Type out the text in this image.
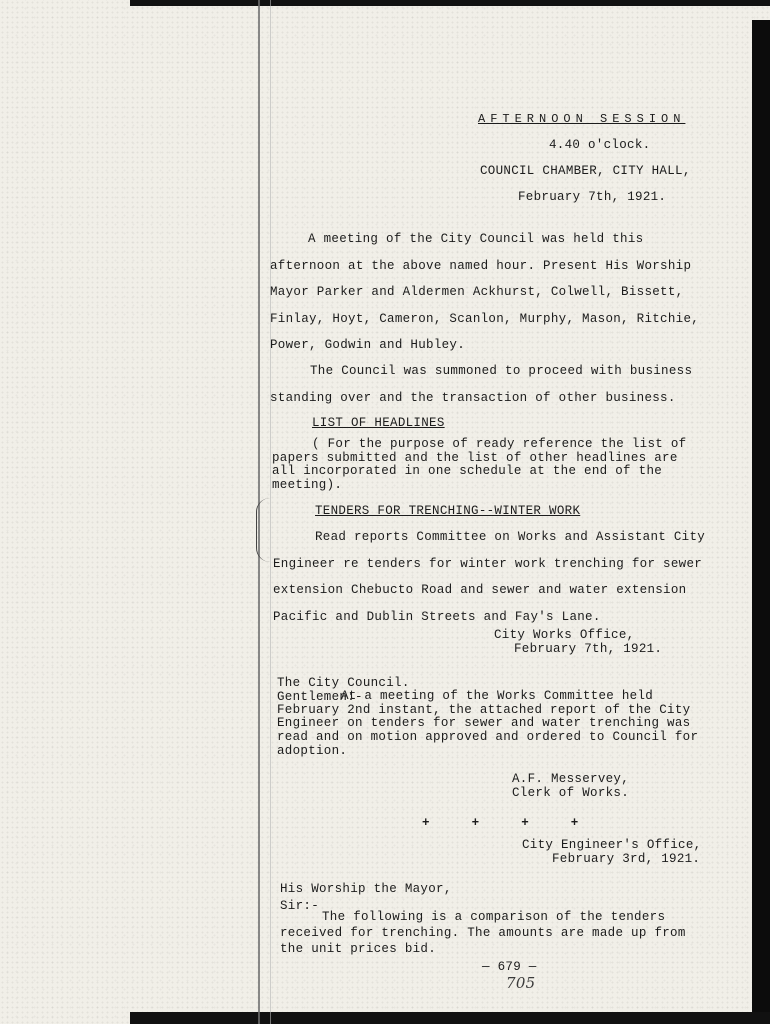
AFTERNOON SESSION

4.40 o'clock.

COUNCIL CHAMBER, CITY HALL,

February 7th, 1921.

A meeting of the City Council was held this afternoon at the above named hour. Present His Worship Mayor Parker and Aldermen Ackhurst, Colwell, Bissett, Finlay, Hoyt, Cameron, Scanlon, Murphy, Mason, Ritchie, Power, Godwin and Hubley.

The Council was summoned to proceed with business standing over and the transaction of other business.

LIST OF HEADLINES

( For the purpose of ready reference the list of papers submitted and the list of other headlines are all incorporated in one schedule at the end of the meeting).

TENDERS FOR TRENCHING--WINTER WORK

Read reports Committee on Works and Assistant City Engineer re tenders for winter work trenching for sewer extension Chebucto Road and sewer and water extension Pacific and Dublin Streets and Fay's Lane.

City Works Office,

February 7th, 1921.

The City Council.

Gentlemen:-

At a meeting of the Works Committee held February 2nd instant, the attached report of the City Engineer on tenders for sewer and water trenching was read and on motion approved and ordered to Council for adoption.

A.F. Messervey,

Clerk of Works.

+ + + +

City Engineer's Office,

February 3rd, 1921.

His Worship the Mayor,

Sir:-

The following is a comparison of the tenders received for trenching. The amounts are made up from the unit prices bid.

— 679 —

705
